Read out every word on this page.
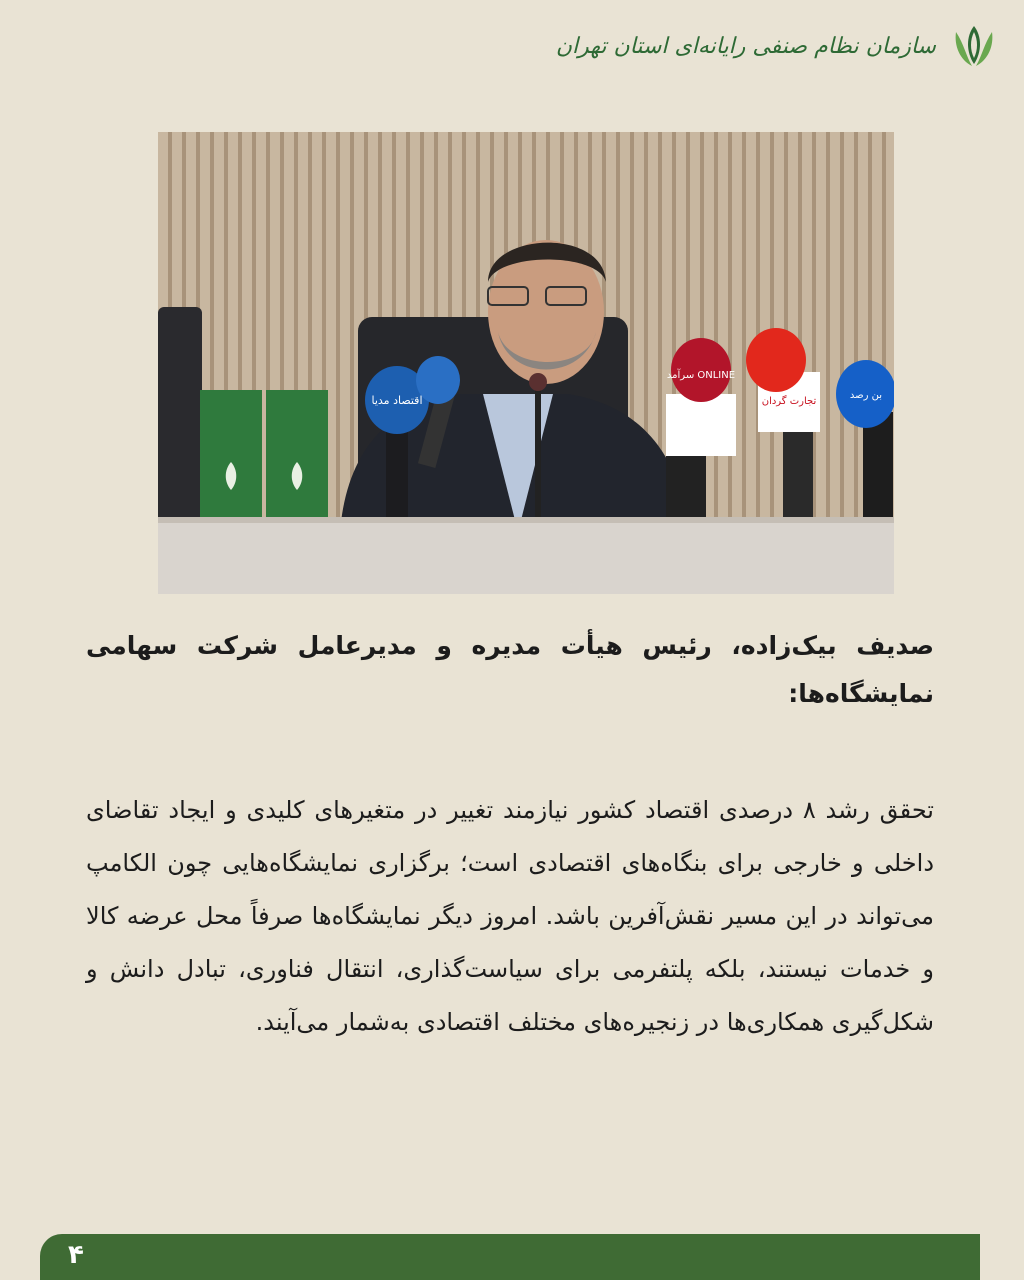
سازمان نظام صنفی رایانه‌ای استان تهران
اقتصاد مدیا
سرآمد ONLINE
تجارت گردان
بن رصد

صدیف بیک‌زاده، رئیس هیأت مدیره و مدیرعامل شرکت سهامی نمایشگاه‌ها:

تحقق رشد ۸ درصدی اقتصاد کشور نیازمند تغییر در متغیرهای کلیدی و ایجاد تقاضای داخلی و خارجی برای بنگاه‌های اقتصادی است؛ برگزاری نمایشگاه‌هایی چون الکامپ می‌تواند در این مسیر نقش‌آفرین باشد. امروز دیگر نمایشگاه‌ها صرفاً محل عرضه کالا و خدمات نیستند، بلکه پلتفرمی برای سیاست‌گذاری، انتقال فناوری، تبادل دانش و شکل‌گیری همکاری‌ها در زنجیره‌های مختلف اقتصادی به‌شمار می‌آیند.

۴
